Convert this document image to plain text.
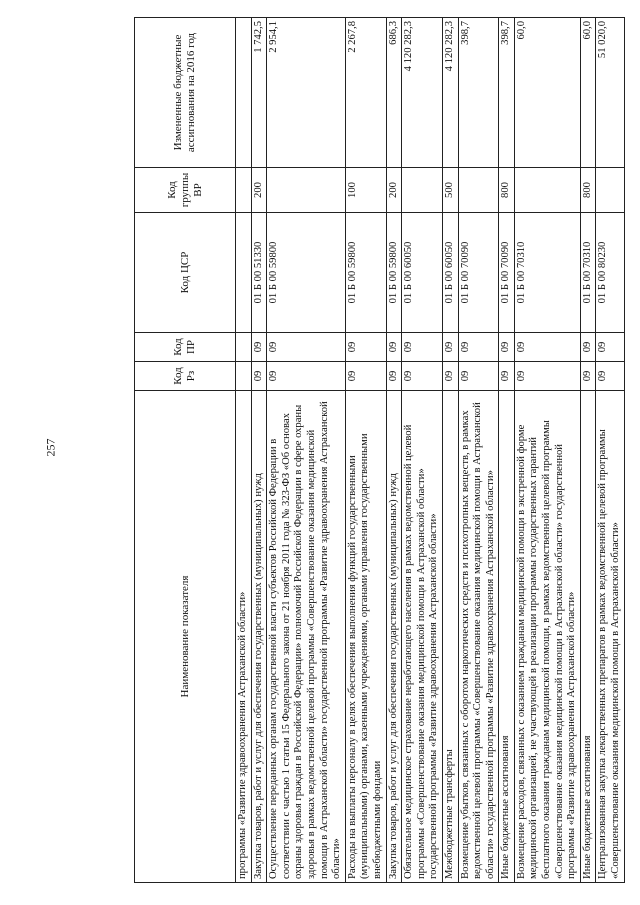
257
Наименование показателя	Код Рз	Код ПР	Код ЦСР	Код группы ВР	Измененные бюджетные ассигнования на 2016 год
программы «Развитие здравоохранения Астраханской области»					
Закупка товаров, работ и услуг для обеспечения государственных (муниципальных) нужд	09	09	01 Б 00 51330	200	1 742,5
Осуществление переданных органам государственной власти субъектов Российской Федерации в соответствии с частью 1 статьи 15 Федерального закона от 21 ноября 2011 года № 323-ФЗ «Об основах охраны здоровья граждан в Российской Федерации» полномочий Российской Федерации в сфере охраны здоровья в рамках ведомственной целевой программы «Совершенствование оказания медицинской помощи в Астраханской области» государственной программы «Развитие здравоохранения Астраханской области»	09	09	01 Б 00 59800		2 954,1
Расходы на выплаты персоналу в целях обеспечения выполнения функций государственными (муниципальными) органами, казенными учреждениями, органами управления государственными внебюджетными фондами	09	09	01 Б 00 59800	100	2 267,8
Закупка товаров, работ и услуг для обеспечения государственных (муниципальных) нужд	09	09	01 Б 00 59800	200	686,3
Обязательное медицинское страхование неработающего населения в рамках ведомственной целевой программы «Совершенствование оказания медицинской помощи в Астраханской области» государственной программы «Развитие здравоохранения Астраханской области»	09	09	01 Б 00 60050		4 120 282,3
Межбюджетные трансферты	09	09	01 Б 00 60050	500	4 120 282,3
Возмещение убытков, связанных с оборотом наркотических средств и психотропных веществ, в рамках ведомственной целевой программы «Совершенствование оказания медицинской помощи в Астраханской области» государственной программы «Развитие здравоохранения Астраханской области»	09	09	01 Б 00 70090		398,7
Иные бюджетные ассигнования	09	09	01 Б 00 70090	800	398,7
Возмещение расходов, связанных с оказанием гражданам медицинской помощи в экстренной форме медицинской организацией, не участвующей в реализации программы государственных гарантий бесплатного оказания гражданам медицинской помощи, в рамках ведомственной целевой программы «Совершенствование оказания медицинской помощи в Астраханской области» государственной программы «Развитие здравоохранения Астраханской области»	09	09	01 Б 00 70310		60,0
Иные бюджетные ассигнования	09	09	01 Б 00 70310	800	60,0
Централизованная закупка лекарственных препаратов в рамках ведомственной целевой программы «Совершенствование оказания медицинской помощи в Астраханской области»	09	09	01 Б 00 80230		51 020,0
